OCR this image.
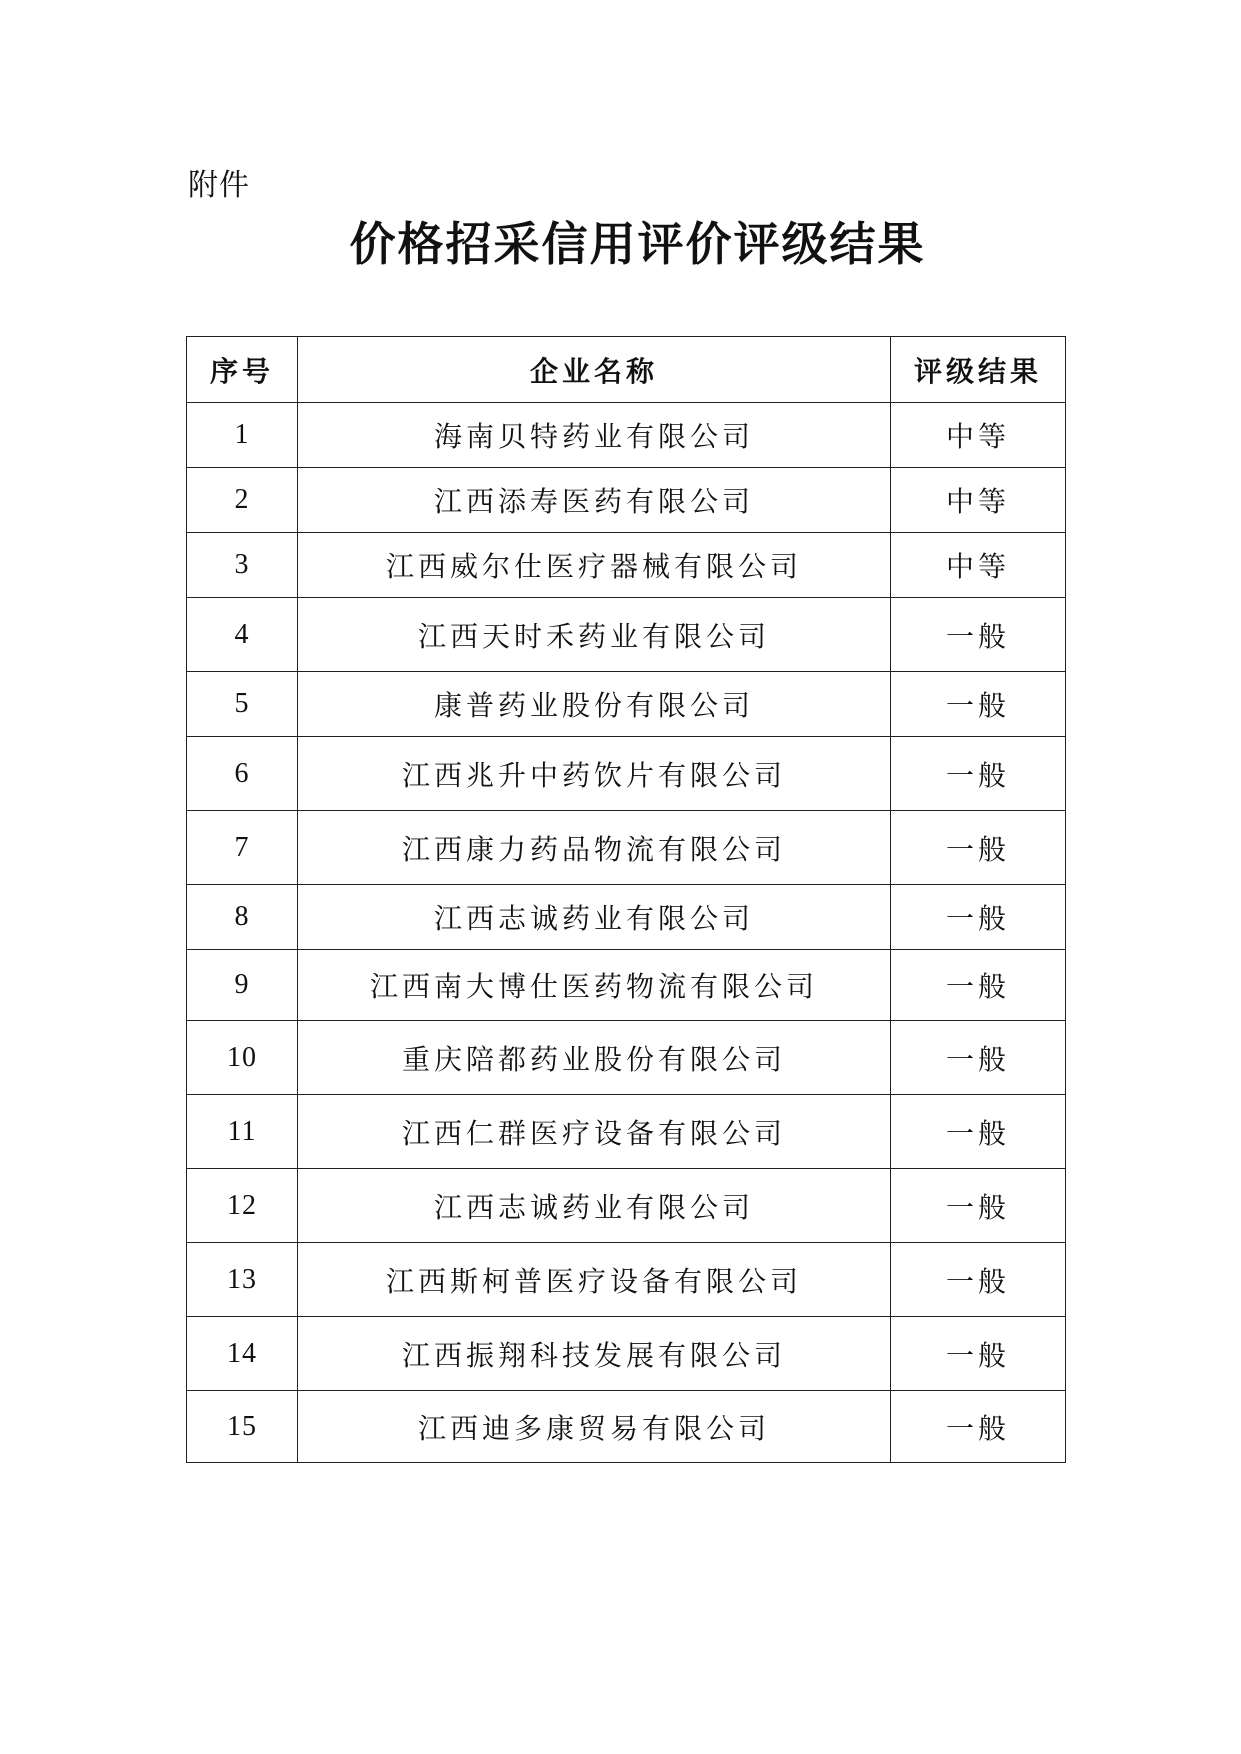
附件
价格招采信用评价评级结果
序号	企业名称	评级结果
1	海南贝特药业有限公司	中等
2	江西添寿医药有限公司	中等
3	江西威尔仕医疗器械有限公司	中等
4	江西天时禾药业有限公司	一般
5	康普药业股份有限公司	一般
6	江西兆升中药饮片有限公司	一般
7	江西康力药品物流有限公司	一般
8	江西志诚药业有限公司	一般
9	江西南大博仕医药物流有限公司	一般
10	重庆陪都药业股份有限公司	一般
11	江西仁群医疗设备有限公司	一般
12	江西志诚药业有限公司	一般
13	江西斯柯普医疗设备有限公司	一般
14	江西振翔科技发展有限公司	一般
15	江西迪多康贸易有限公司	一般
